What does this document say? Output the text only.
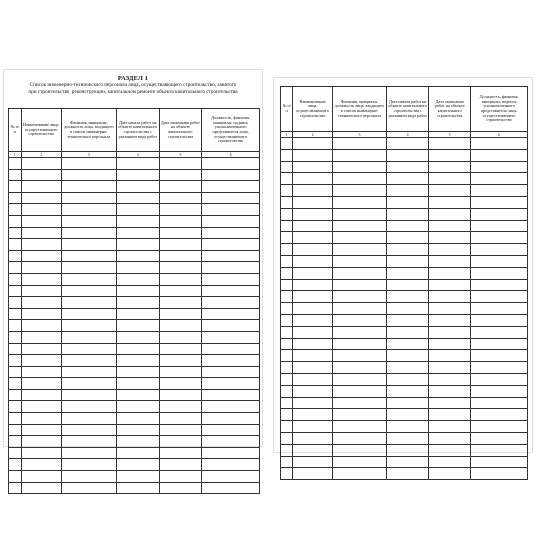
РАЗДЕЛ 1
Список инженерно-технического персонала лица, осуществляющего строительство, занятого
при строительстве, реконструкции, капитальном ремонте объекта капитального строительства
№ п/п	Наименование лица, осуществляющего строительство	Фамилия, инициалы, должность лица, входящего в список инженерно-технического персонала	Дата начала работ на объекте капитального строительства с указанием вида работ	Дата окончания работ на объекте капитального строительства	Должность, фамилия, инициалы, подпись уполномоченного представителя лица, осуществляющего строительство
1	2	3	4	5	6

№ п/п	Наименование лица, осуществляющего строительство	Фамилия, инициалы, должность лица, входящего в список инженерно-технического персонала	Дата начала работ на объекте капитального строительства с указанием вида работ	Дата окончания работ на объекте капитального строительства	Должность, фамилия, инициалы, подпись уполномоченного представителя лица, осуществляющего строительство
1	2	3	4	5	6
